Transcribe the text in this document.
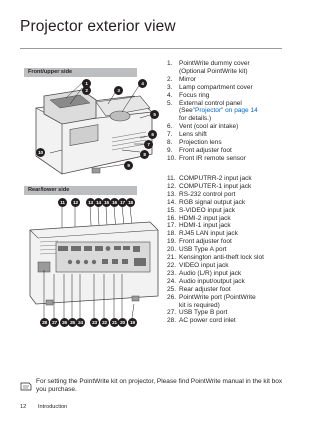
Projector exterior view
Front/upper side
1
2	3
4
5
6
7
8
9
10
Rear/lower side
11	12	13 14 15 16 17 18
28	27	26 25 24	23	22	21 20	19
1.	PointWrite dummy cover
(Optional PointWrite kit)
2.	Mirror
3.	Lamp compartment cover
4.	Focus ring
5.	External control panel
(See "Projector" on page 14
for details.)
6.	Vent (cool air intake)
7.	Lens shift
8.	Projection lens
9.	Front adjuster foot
10. Front IR remote sensor
11. COMPUTRR-2 input jack
12. COMPUTER-1 input jack
13. RS-232 control port
14. RGB signal output jack
15. S-VIDEO input jack
16. HDMI-2 input jack
17. HDMI-1 input jack
18. RJ45 LAN input jack
19. Front adjuster foot
20. USB Type A port
21. Kensington anti-theft lock slot
22. VIDEO input jack
23. Audio (L/R) input jack
24. Audio input/output jack
25. Rear adjuster foot
26. PointWrite port (PointWrite
kit is required)
27. USB Type B port
28. AC power cord inlet
For setting the PointWrite kit on projector, Please find PointWrite manual in the kit box you purchase.
12 Introduction
